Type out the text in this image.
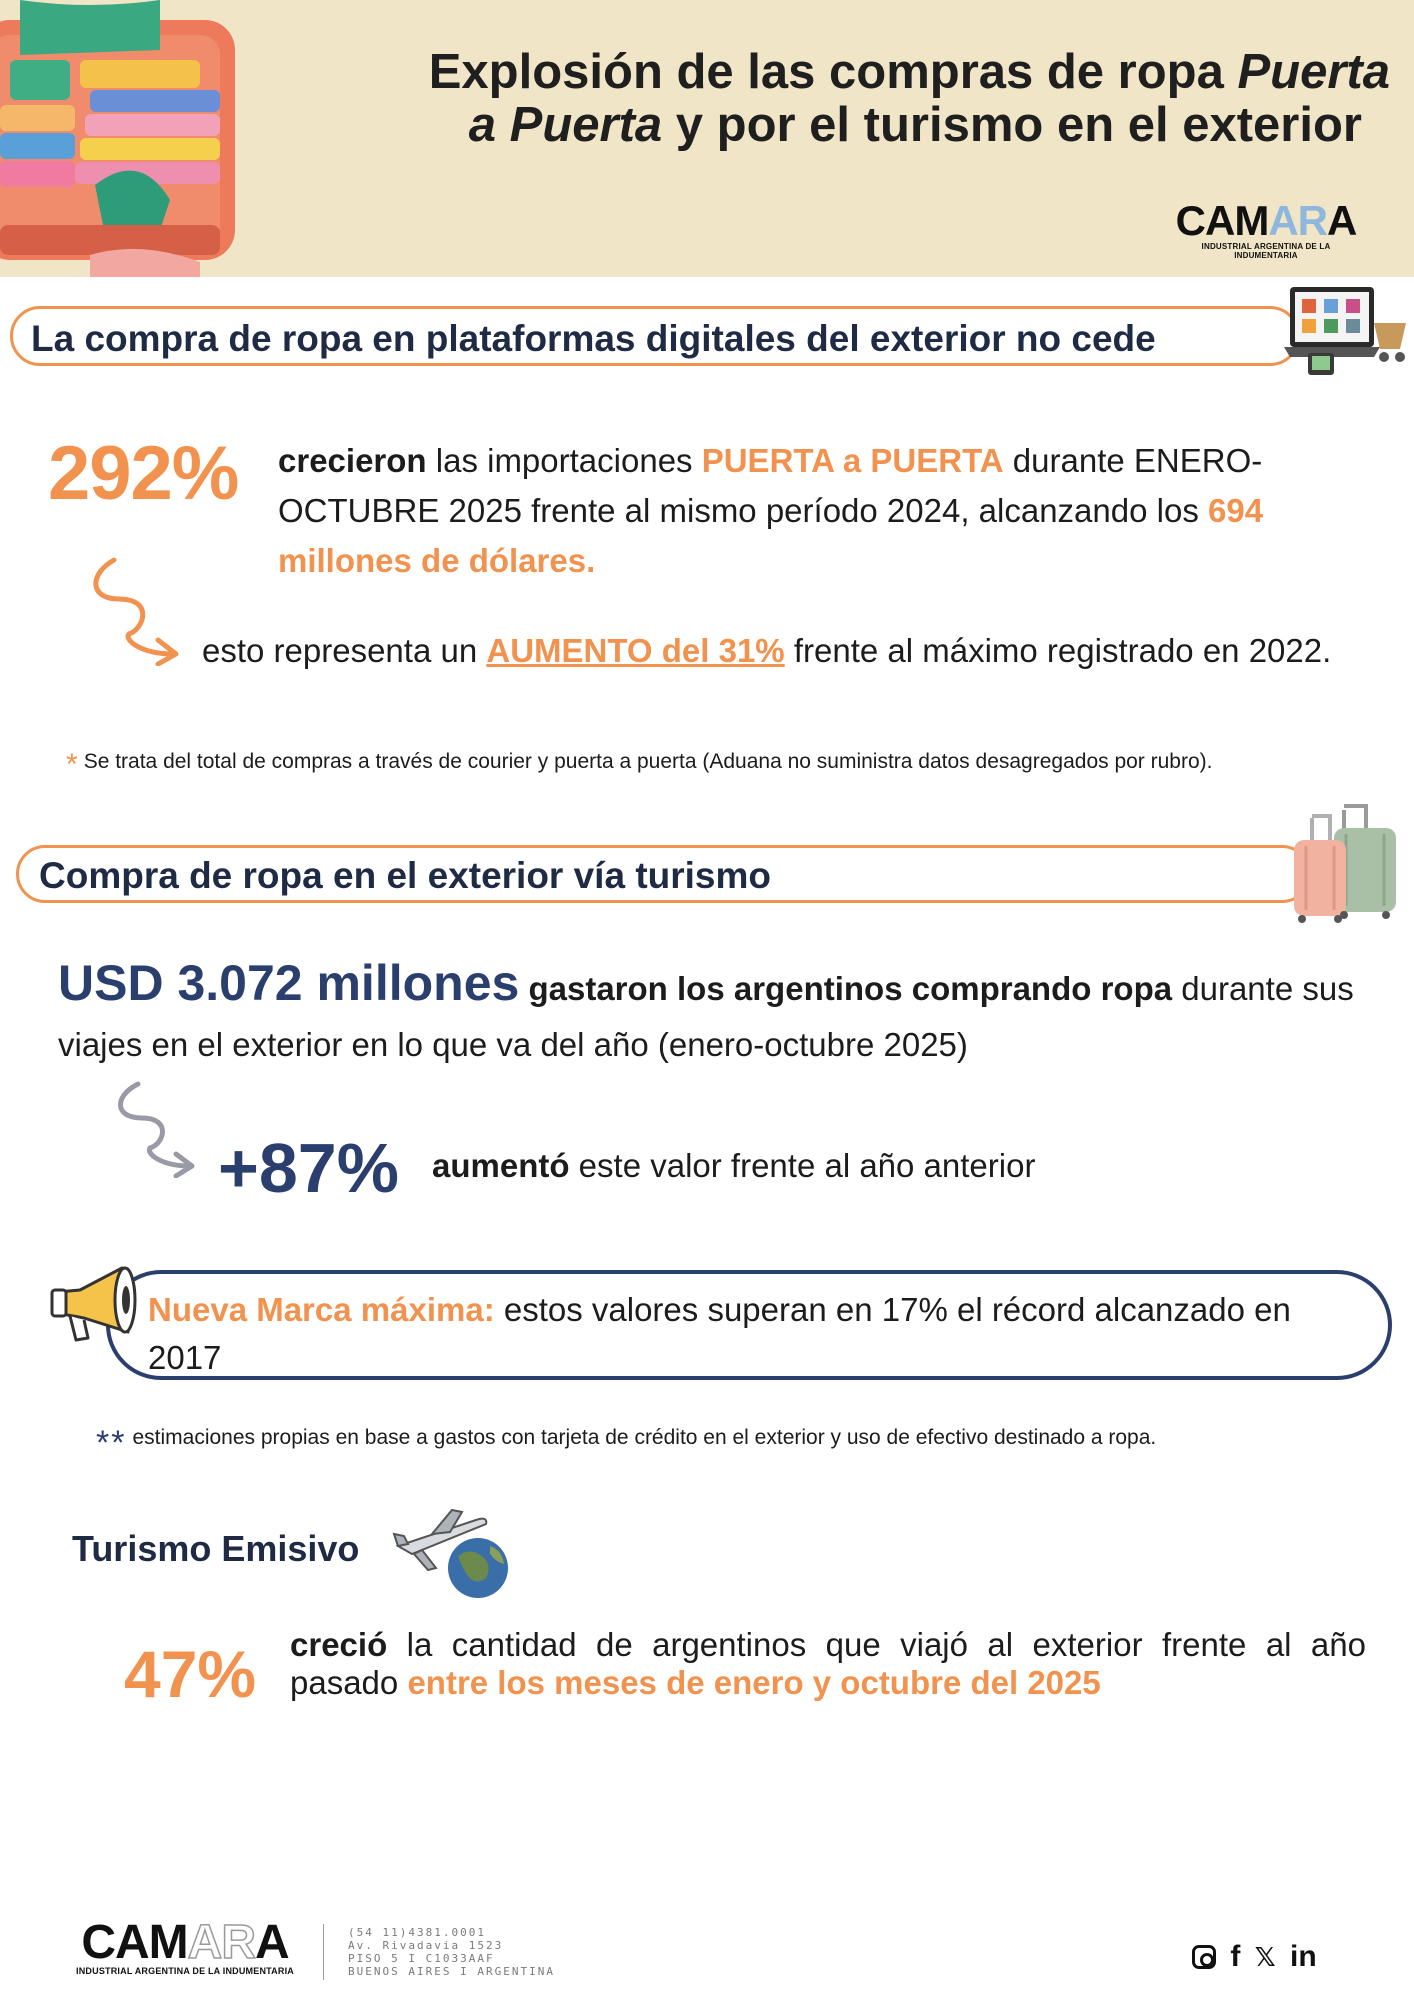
Explosión de las compras de ropa Puerta
a Puerta y por el turismo en el exterior
CAMARA
INDUSTRIAL ARGENTINA DE LA INDUMENTARIA
La compra de ropa en plataformas digitales del exterior no cede
292% crecieron las importaciones PUERTA a PUERTA durante ENERO-OCTUBRE 2025 frente al mismo período 2024, alcanzando los 694 millones de dólares.
esto representa un AUMENTO del 31% frente al máximo registrado en 2022.
* Se trata del total de compras a través de courier y puerta a puerta (Aduana no suministra datos desagregados por rubro).
Compra de ropa en el exterior vía turismo
USD 3.072 millones gastaron los argentinos comprando ropa durante sus viajes en el exterior en lo que va del año (enero-octubre 2025)
+87% aumentó este valor frente al año anterior
Nueva Marca máxima: estos valores superan en 17% el récord alcanzado en 2017
** estimaciones propias en base a gastos con tarjeta de crédito en el exterior y uso de efectivo destinado a ropa.
Turismo Emisivo
47% creció la cantidad de argentinos que viajó al exterior frente al año pasado entre los meses de enero y octubre del 2025
CAMARA
INDUSTRIAL ARGENTINA DE LA INDUMENTARIA
(54 11)4381.0001
Av. Rivadavia 1523
PISO 5 I C1033AAF
BUENOS AIRES I ARGENTINA	f 𝕏 in
